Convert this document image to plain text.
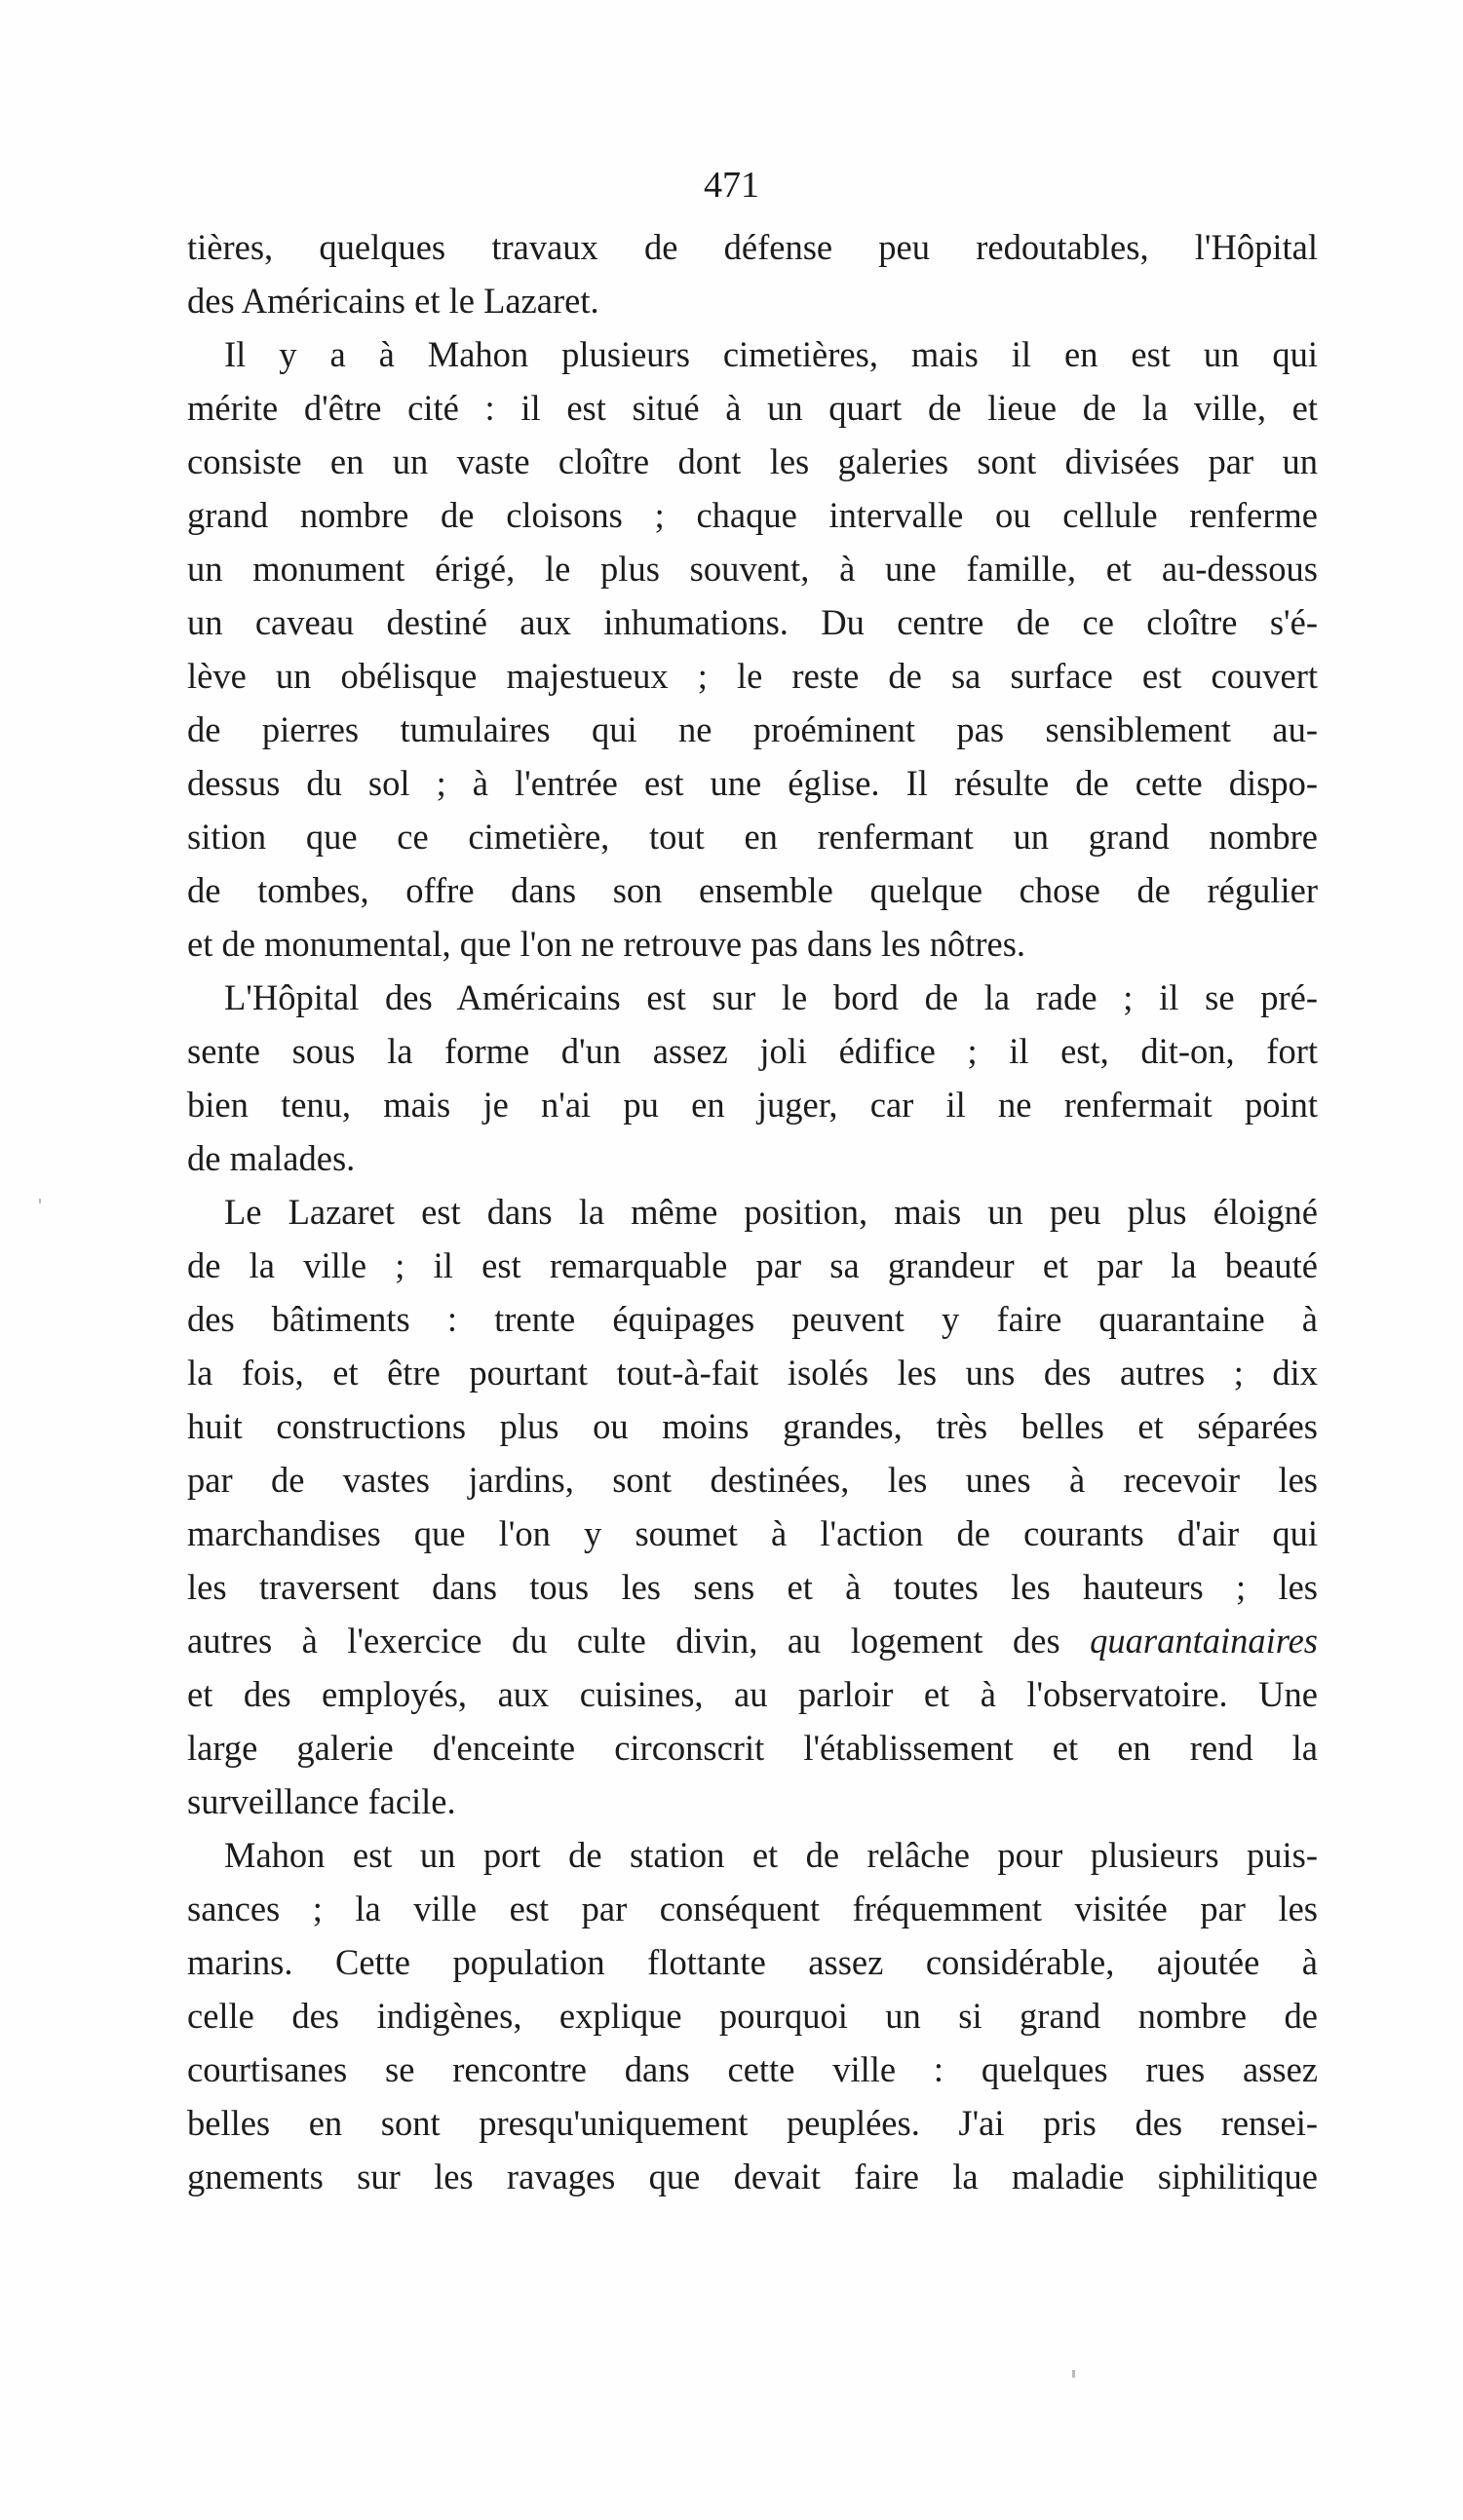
471
tières, quelques travaux de défense peu redoutables, l'Hôpital
des Américains et le Lazaret.
Il y a à Mahon plusieurs cimetières, mais il en est un qui
mérite d'être cité : il est situé à un quart de lieue de la ville, et
consiste en un vaste cloître dont les galeries sont divisées par un
grand nombre de cloisons ; chaque intervalle ou cellule renferme
un monument érigé, le plus souvent, à une famille, et au-dessous
un caveau destiné aux inhumations. Du centre de ce cloître s'é-
lève un obélisque majestueux ; le reste de sa surface est couvert
de pierres tumulaires qui ne proéminent pas sensiblement au-
dessus du sol ; à l'entrée est une église. Il résulte de cette dispo-
sition que ce cimetière, tout en renfermant un grand nombre
de tombes, offre dans son ensemble quelque chose de régulier
et de monumental, que l'on ne retrouve pas dans les nôtres.
L'Hôpital des Américains est sur le bord de la rade ; il se pré-
sente sous la forme d'un assez joli édifice ; il est, dit-on, fort
bien tenu, mais je n'ai pu en juger, car il ne renfermait point
de malades.
Le Lazaret est dans la même position, mais un peu plus éloigné
de la ville ; il est remarquable par sa grandeur et par la beauté
des bâtiments : trente équipages peuvent y faire quarantaine à
la fois, et être pourtant tout-à-fait isolés les uns des autres ; dix
huit constructions plus ou moins grandes, très belles et séparées
par de vastes jardins, sont destinées, les unes à recevoir les
marchandises que l'on y soumet à l'action de courants d'air qui
les traversent dans tous les sens et à toutes les hauteurs ; les
autres à l'exercice du culte divin, au logement des quarantainaires
et des employés, aux cuisines, au parloir et à l'observatoire. Une
large galerie d'enceinte circonscrit l'établissement et en rend la
surveillance facile.
Mahon est un port de station et de relâche pour plusieurs puis-
sances ; la ville est par conséquent fréquemment visitée par les
marins. Cette population flottante assez considérable, ajoutée à
celle des indigènes, explique pourquoi un si grand nombre de
courtisanes se rencontre dans cette ville : quelques rues assez
belles en sont presqu'uniquement peuplées. J'ai pris des rensei-
gnements sur les ravages que devait faire la maladie siphilitique
